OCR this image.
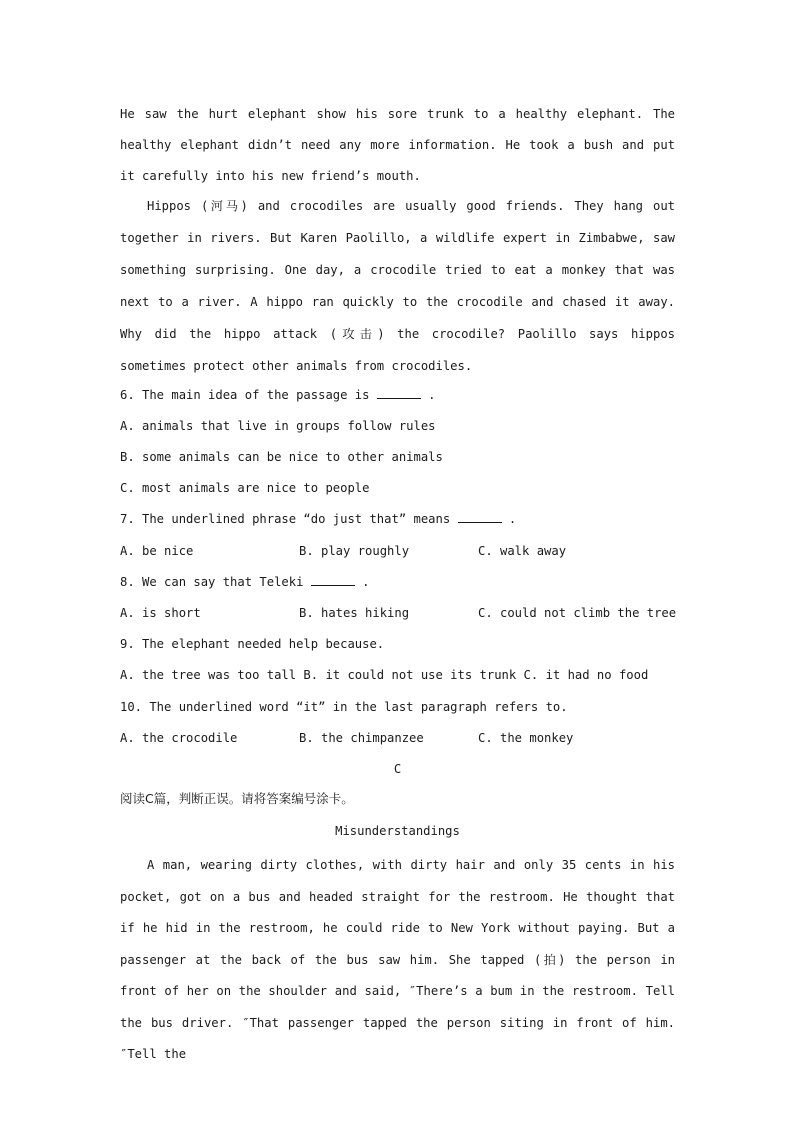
He saw the hurt elephant show his sore trunk to a healthy elephant. The healthy elephant didn’t need any more information. He took a bush and put it carefully into his new friend’s mouth.

Hippos (河马) and crocodiles are usually good friends. They hang out together in rivers. But Karen Paolillo, a wildlife expert in Zimbabwe, saw something surprising. One day, a crocodile tried to eat a monkey that was next to a river. A hippo ran quickly to the crocodile and chased it away. Why did the hippo attack (攻击) the crocodile? Paolillo says hippos sometimes protect other animals from crocodiles.

6. The main idea of the passage is	.
A. animals that live in groups follow rules
B. some animals can be nice to other animals
C. most animals are nice to people
7. The underlined phrase “do just that” means	.

A. be nice

	B. play roughly

	C. walk away

8. We can say that Teleki	.

A. is short

	B. hates hiking

	C. could not climb the tree

9. The elephant needed help because.
A. the tree was too tall B. it could not use its trunk C. it had no food
10. The underlined word “it” in the last paragraph refers to.

A. the crocodile

	B. the chimpanzee

	C. the monkey

C
阅读C篇，判断正误。请将答案编号涂卡。
Misunderstandings

A man, wearing dirty clothes, with dirty hair and only 35 cents in his pocket, got on a bus and headed straight for the restroom. He thought that if he hid in the restroom, he could ride to New York without paying. But a passenger at the back of the bus saw him. She tapped (拍) the person in front of her on the shoulder and said, ″There’s a bum in the restroom. Tell the bus driver. ″That passenger tapped the person siting in front of him. ″Tell the
